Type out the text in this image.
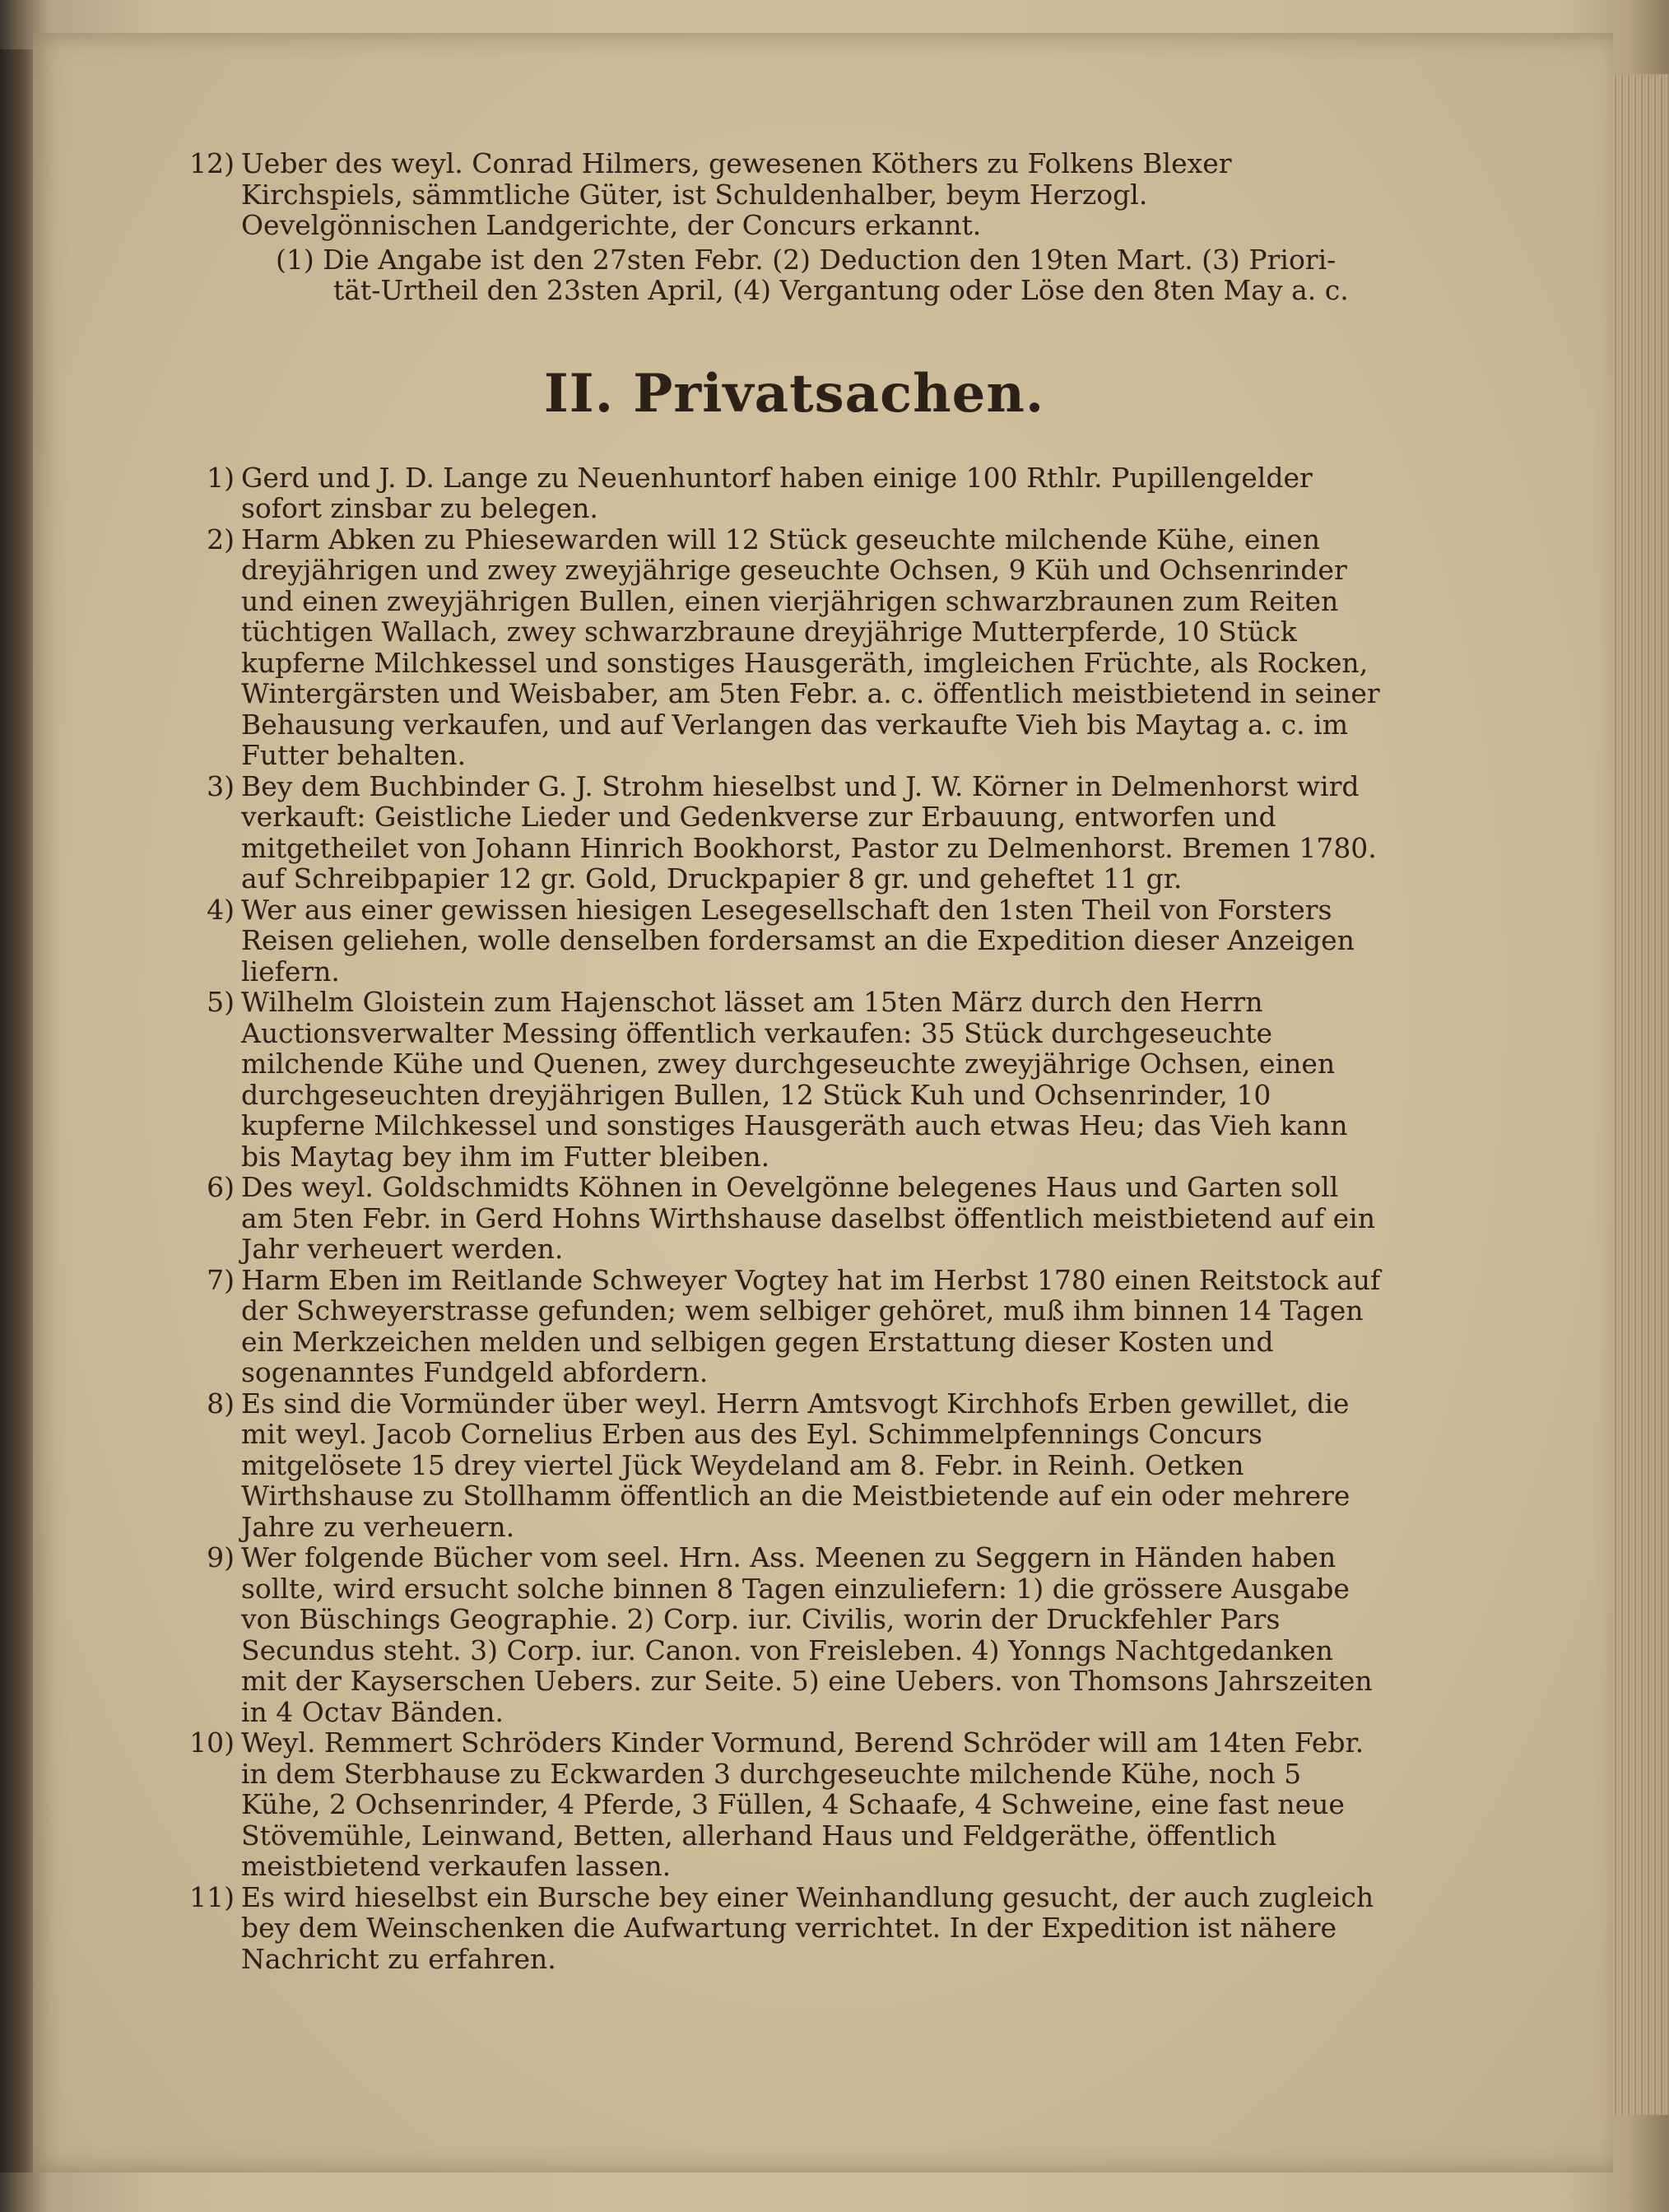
12) Ueber des weyl. Conrad Hilmers, gewesenen Köthers zu Folkens Blexer Kirchspiels, sämmtliche Güter, ist Schuldenhalber, beym Herzogl. Oevelgönnischen Landgerichte, der Concurs erkannt.
(1) Die Angabe ist den 27sten Febr. (2) Deduction den 19ten Mart. (3) Priori-
tät-Urtheil den 23sten April, (4) Vergantung oder Löse den 8ten May a. c.
II. Privatsachen.
1) Gerd und J. D. Lange zu Neuenhuntorf haben einige 100 Rthlr. Pupillengelder sofort zinsbar zu belegen.
2) Harm Abken zu Phiesewarden will 12 Stück geseuchte milchende Kühe, einen dreyjährigen und zwey zweyjährige geseuchte Ochsen, 9 Küh und Ochsenrinder und einen zweyjährigen Bullen, einen vierjährigen schwarzbraunen zum Reiten tüchtigen Wallach, zwey schwarzbraune dreyjährige Mutterpferde, 10 Stück kupferne Milchkessel und sonstiges Hausgeräth, imgleichen Früchte, als Rocken, Wintergärsten und Weisbaber, am 5ten Febr. a. c. öffentlich meistbietend in seiner Behausung verkaufen, und auf Verlangen das verkaufte Vieh bis Maytag a. c. im Futter behalten.
3) Bey dem Buchbinder G. J. Strohm hieselbst und J. W. Körner in Delmenhorst wird verkauft: Geistliche Lieder und Gedenkverse zur Erbauung, entworfen und mitgetheilet von Johann Hinrich Bookhorst, Pastor zu Delmenhorst. Bremen 1780. auf Schreibpapier 12 gr. Gold, Druckpapier 8 gr. und geheftet 11 gr.
4) Wer aus einer gewissen hiesigen Lesegesellschaft den 1sten Theil von Forsters Reisen geliehen, wolle denselben fordersamst an die Expedition dieser Anzeigen liefern.
5) Wilhelm Gloistein zum Hajenschot lässet am 15ten März durch den Herrn Auctionsverwalter Messing öffentlich verkaufen: 35 Stück durchgeseuchte milchende Kühe und Quenen, zwey durchgeseuchte zweyjährige Ochsen, einen durchgeseuchten dreyjährigen Bullen, 12 Stück Kuh und Ochsenrinder, 10 kupferne Milchkessel und sonstiges Hausgeräth auch etwas Heu; das Vieh kann bis Maytag bey ihm im Futter bleiben.
6) Des weyl. Goldschmidts Köhnen in Oevelgönne belegenes Haus und Garten soll am 5ten Febr. in Gerd Hohns Wirthshause daselbst öffentlich meistbietend auf ein Jahr verheuert werden.
7) Harm Eben im Reitlande Schweyer Vogtey hat im Herbst 1780 einen Reitstock auf der Schweyerstrasse gefunden; wem selbiger gehöret, muß ihm binnen 14 Tagen ein Merkzeichen melden und selbigen gegen Erstattung dieser Kosten und sogenanntes Fundgeld abfordern.
8) Es sind die Vormünder über weyl. Herrn Amtsvogt Kirchhofs Erben gewillet, die mit weyl. Jacob Cornelius Erben aus des Eyl. Schimmelpfennings Concurs mitgelösete 15 drey viertel Jück Weydeland am 8. Febr. in Reinh. Oetken Wirthshause zu Stollhamm öffentlich an die Meistbietende auf ein oder mehrere Jahre zu verheuern.
9) Wer folgende Bücher vom seel. Hrn. Ass. Meenen zu Seggern in Händen haben sollte, wird ersucht solche binnen 8 Tagen einzuliefern: 1) die grössere Ausgabe von Büschings Geographie. 2) Corp. iur. Civilis, worin der Druckfehler Pars Secundus steht. 3) Corp. iur. Canon. von Freisleben. 4) Yonngs Nachtgedanken mit der Kayserschen Uebers. zur Seite. 5) eine Uebers. von Thomsons Jahrszeiten in 4 Octav Bänden.
10) Weyl. Remmert Schröders Kinder Vormund, Berend Schröder will am 14ten Febr. in dem Sterbhause zu Eckwarden 3 durchgeseuchte milchende Kühe, noch 5 Kühe, 2 Ochsenrinder, 4 Pferde, 3 Füllen, 4 Schaafe, 4 Schweine, eine fast neue Stövemühle, Leinwand, Betten, allerhand Haus und Feldgeräthe, öffentlich meistbietend verkaufen lassen.
11) Es wird hieselbst ein Bursche bey einer Weinhandlung gesucht, der auch zugleich bey dem Weinschenken die Aufwartung verrichtet. In der Expedition ist nähere Nachricht zu erfahren.
